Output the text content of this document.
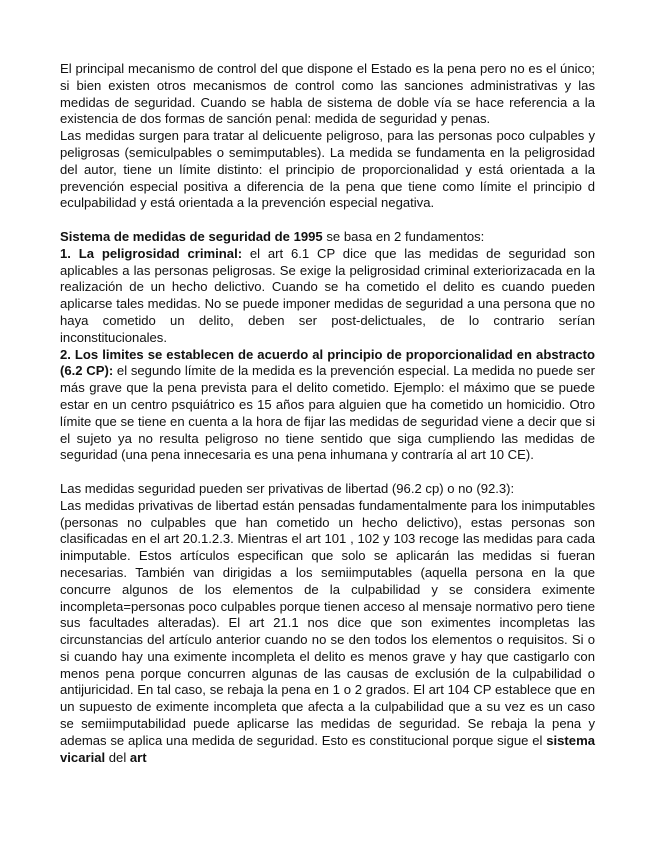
El principal mecanismo de control del que dispone el Estado es la pena pero no es el único; si bien existen otros mecanismos de control como las sanciones administrativas y las medidas de seguridad. Cuando se habla de sistema de doble vía se hace referencia a la existencia de dos formas de sanción penal: medida de seguridad y penas.

Las medidas surgen para tratar al delicuente peligroso, para las personas poco culpables y peligrosas (semiculpables o semimputables). La medida se fundamenta en la peligrosidad del autor, tiene un límite distinto: el principio de proporcionalidad y está orientada a la prevención especial positiva a diferencia de la pena que tiene como límite el principio d eculpabilidad y está orientada a la prevención especial negativa.

Sistema de medidas de seguridad de 1995 se basa en 2 fundamentos:

1. La peligrosidad criminal: el art 6.1 CP dice que las medidas de seguridad son aplicables a las personas peligrosas. Se exige la peligrosidad criminal exteriorizacada en la realización de un hecho delictivo. Cuando se ha cometido el delito es cuando pueden aplicarse tales medidas. No se puede imponer medidas de seguridad a una persona que no haya cometido un delito, deben ser post-delictuales, de lo contrario serían inconstitucionales.

2. Los limites se establecen de acuerdo al principio de proporcionalidad en abstracto (6.2 CP): el segundo límite de la medida es la prevención especial. La medida no puede ser más grave que la pena prevista para el delito cometido. Ejemplo: el máximo que se puede estar en un centro psquiátrico es 15 años para alguien que ha cometido un homicidio. Otro límite que se tiene en cuenta a la hora de fijar las medidas de seguridad viene a decir que si el sujeto ya no resulta peligroso no tiene sentido que siga cumpliendo las medidas de seguridad (una pena innecesaria es una pena inhumana y contraría al art 10 CE).

Las medidas seguridad pueden ser privativas de libertad (96.2 cp) o no (92.3):

Las medidas privativas de libertad están pensadas fundamentalmente para los inimputables (personas no culpables que han cometido un hecho delictivo), estas personas son clasificadas en el art 20.1.2.3. Mientras el art 101 , 102 y 103 recoge las medidas para cada inimputable. Estos artículos especifican que solo se aplicarán las medidas si fueran necesarias. También van dirigidas a los semiimputables (aquella persona en la que concurre algunos de los elementos de la culpabilidad y se considera eximente incompleta=personas poco culpables porque tienen acceso al mensaje normativo pero tiene sus facultades alteradas). El art 21.1 nos dice que son eximentes incompletas las circunstancias del artículo anterior cuando no se den todos los elementos o requisitos. Si o si cuando hay una eximente incompleta el delito es menos grave y hay que castigarlo con menos pena porque concurren algunas de las causas de exclusión de la culpabilidad o antijuricidad. En tal caso, se rebaja la pena en 1 o 2 grados. El art 104 CP establece que en un supuesto de eximente incompleta que afecta a la culpabilidad que a su vez es un caso se semiimputabilidad puede aplicarse las medidas de seguridad. Se rebaja la pena y ademas se aplica una medida de seguridad. Esto es constitucional porque sigue el sistema vicarial del art
